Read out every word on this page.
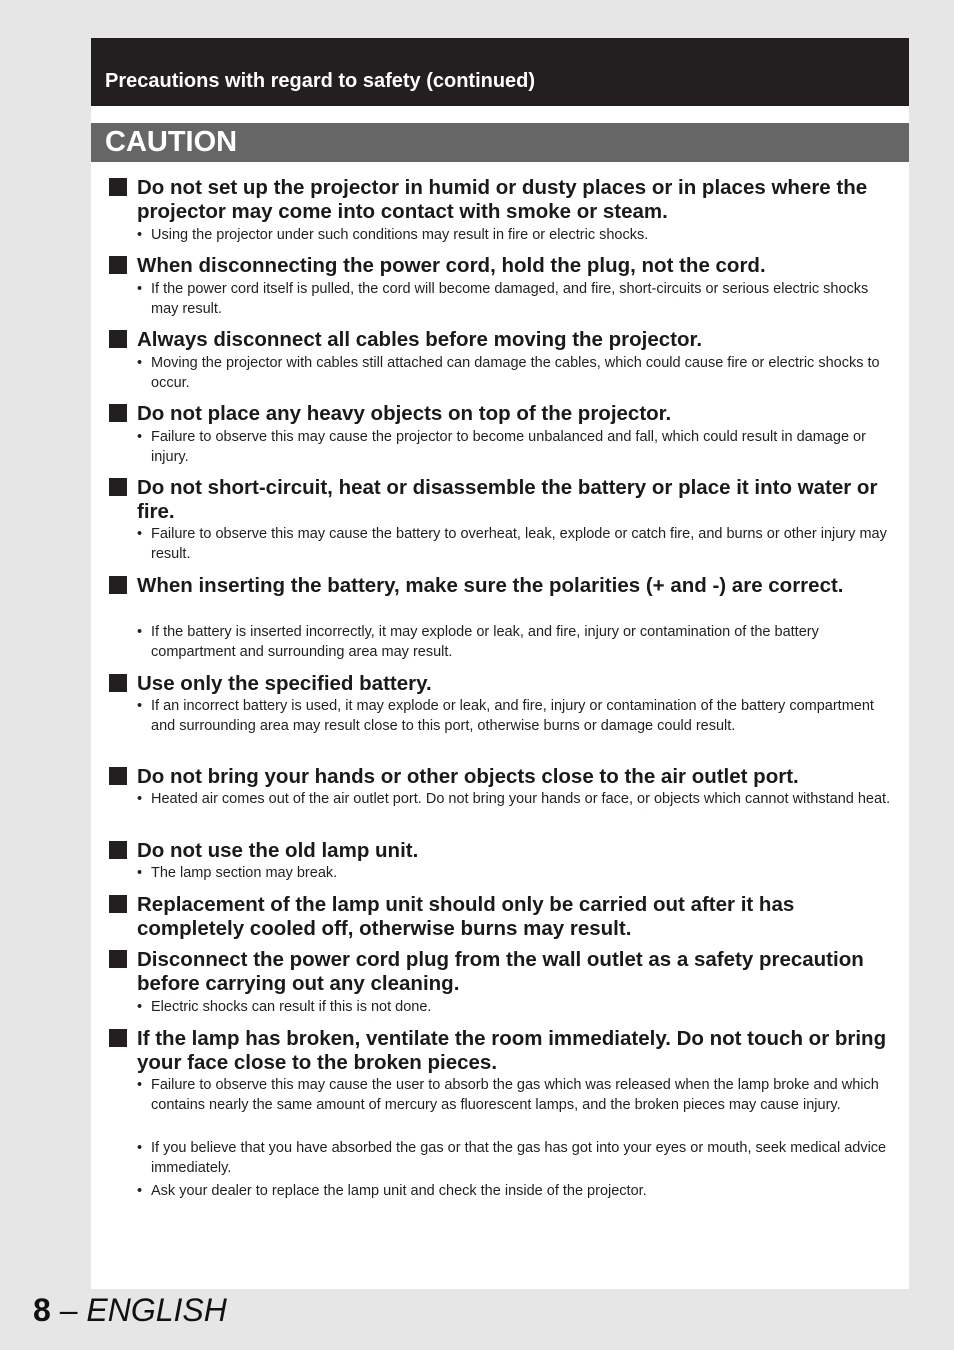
Precautions with regard to safety (continued)
CAUTION
Do not set up the projector in humid or dusty places or in places where the projector may come into contact with smoke or steam.
• Using the projector under such conditions may result in fire or electric shocks.
When disconnecting the power cord, hold the plug, not the cord.
• If the power cord itself is pulled, the cord will become damaged, and fire, short-circuits or serious electric shocks may result.
Always disconnect all cables before moving the projector.
• Moving the projector with cables still attached can damage the cables, which could cause fire or electric shocks to occur.
Do not place any heavy objects on top of the projector.
• Failure to observe this may cause the projector to become unbalanced and fall, which could result in damage or injury.
Do not short-circuit, heat or disassemble the battery or place it into water or fire.
• Failure to observe this may cause the battery to overheat, leak, explode or catch fire, and burns or other injury may result.
When inserting the battery, make sure the polarities (+ and -) are correct.
• If the battery is inserted incorrectly, it may explode or leak, and fire, injury or contamination of the battery compartment and surrounding area may result.
Use only the specified battery.
• If an incorrect battery is used, it may explode or leak, and fire, injury or contamination of the battery compartment and surrounding area may result close to this port, otherwise burns or damage could result.
Do not bring your hands or other objects close to the air outlet port.
• Heated air comes out of the air outlet port. Do not bring your hands or face, or objects which cannot withstand heat.
Do not use the old lamp unit.
• The lamp section may break.
Replacement of the lamp unit should only be carried out after it has completely cooled off, otherwise burns may result.
Disconnect the power cord plug from the wall outlet as a safety precaution before carrying out any cleaning.
• Electric shocks can result if this is not done.
If the lamp has broken, ventilate the room immediately. Do not touch or bring your face close to the broken pieces.
• Failure to observe this may cause the user to absorb the gas which was released when the lamp broke and which contains nearly the same amount of mercury as fluorescent lamps, and the broken pieces may cause injury.
• If you believe that you have absorbed the gas or that the gas has got into your eyes or mouth, seek medical advice immediately.
• Ask your dealer to replace the lamp unit and check the inside of the projector.
8 – ENGLISH
